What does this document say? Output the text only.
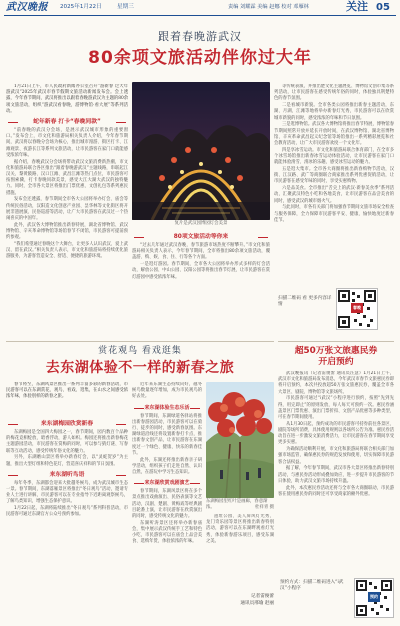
武汉晚报 2025年1月22日	星期三	责编 刘耀霖 美编 赵娜 校对 邓雁林	关注 05
跟着春晚游武汉
80余项文旅活动伴你过大年
1月21日上午，市人民政府新闻办公室召开“游新春 过大年 游武汉”2025年武汉市春节假期文旅活动新闻发布会。会上透露，今年春节期间，武汉将推出以跟着春晚游武汉为主题的80余项文旅活动，组织“游武汉看春晚，游博物馆·看大展”等系列活动。
蛇年新春 打卡“春晚同款”

“前春晚的武汉分会场，是展示武汉城市形象的重要窗口。”发布会上，市文化和旅游局相关负责人介绍，今年春节期间，武汉将以春晚分会场为核心，推出城市漫游、街区打卡、江滩观景、夜游长江等系列文旅活动，让市民游客在家门口就能感受浓浓年味。

据介绍，春晚武汉分会场将带动武汉文旅消费新热潮，市文化和旅游局联合各区推出“跟着春晚游武汉”主题线路，串联起江汉关、黎黄陂路、汉口江滩、武昌江滩等热门点位，市民游客可按图索骥，打卡春晚同款美景，感受大江大湖大武汉的独特魅力。同时，全市各大景区将推出门票优惠、文创礼包等系列惠民措施。

发布会还透露，春节期间全市各大公园将举办灯会、庙会等传统民俗活动，汉阳造文化创意产业园、昙华林等文化街区将开展非遗展演、民俗巡游等活动，让广大市民游客在武汉过一个热闹喜庆的中国年。

此外，武汉各大博物馆推出新春特展，湖北省博物馆、武汉博物馆、辛亥革命博物馆等场馆春节不闭馆，市民游客可提前预约参观。

“我们希望通过春晚这个大舞台，让更多人认识武汉、爱上武汉、留在武汉。”相关负责人表示，市文化和旅游局将持续优化旅游服务，为游客营造安全、舒适、便捷的旅游环境。

复片是武汉园博园灯会美景
80项文旅活动等你来

“过去几年通过武汉春晚，春节旅游市场热度不断攀升。”市文化和旅游局相关负责人表示，今年春节期间，全市将推出80余项文旅活动，覆盖游、购、娱、食、住、行等各个方面。

一是逛灯游园。春节期间，全市各大公园将举办形式多样的灯会活动，解放公园、中山公园、汉阳公园等将推出春节灯展，让市民游客在赏灯游园中感受浓浓年味。

等传统表演，并推出楚文化主题展览、博物馆文创市集等系列活动，让市民游客在感受传统年俗的同时，体验独具荆楚特色的春节氛围。

二是看城市新貌。全市各类公园将推出新春主题活动，东湖、月湖、江滩等地将举办新春灯光秀，市民游客可以在欣赏城市新貌的同时，感受浓浓的年味和节日氛围。

三是逛博物馆。武汉各大博物馆将推出春节特展，博物馆春节期间照常开放并延长开放时间，在武汉博物馆、湖北省博物馆、辛亥革命武昌起义纪念馆等场馆推出一系列精彩展览和社会教育活动，让广大市民游客欢度一个文化年。

四是享冰雪运动。市文化和旅游局联合体育部门，在全市多个冰雪场馆推出新春冰雪运动体验活动，让市民游客在家门口就能体验滑雪、滑冰的乐趣，感受冰雪运动的魅力。

五是逛大集市。全市各大商圈将推出新春购物节活动，汉街、江汉路、武广等商圈联合商家推出系列优惠促销活动，让市民游客在感受年味的同时，享受实惠购物。

六是品美食。全市推出“舌尖上的武汉·新春美食季”系列活动，汇聚武汉特色小吃和各地美食，让市民游客在品尝美食的同时，感受武汉的城市烟火气。

与此同时，市各有关部门将加强春节期间文旅市场安全检查与服务保障，全力保障市民游客平安、健康、愉快地度过新春佳节。

春晚
扫描二维码 看 更多内容详情
赏花观鸟 看戏逛集
去东湖体验不一样的新春之旅
春节将至，东湖风景区推出一系列丰富多彩的新春活动，市民游客可以在东湖赏花、观鸟、看戏、逛集，在山水之间感受浓浓年味，体验别样的新春之旅。
来东湖梅园欣赏新春

东湖梅园是全国四大梅园之一，春节期间，园内数百个品种的梅花竞相绽放，暗香浮动，游人如织。梅园还将推出新春梅花主题游园活动，市民游客在赏梅的同时，可以参与猜灯谜、写春联等互动活动，感受传统年俗文化的魅力。

另外，东湖磨山景区将举办新春灯会，以“灵蛇贺岁”为主题，推出大型灯组和特色花灯，营造喜庆祥和的节日氛围。

来东湖听鸟语

每年冬季，东湖都会迎来大批越冬候鸟，成为武汉城市生态一景。春节期间，东湖落雁景区将推出“冬日观鸟”活动，邀请专业人士进行讲解，市民游客可以在专业指导下近距离观察候鸟，了解鸟类知识，增强生态保护意识。

1月22日起，东湖将陆续推出“冬日观鸟”系列科普活动，市民游客可通过东湖官方公众号预约参加。

近年来东湖生态持续向好，越冬候鸟数量逐年增加，成为市民观鸟的好去处。

来东湖体验生态乐活

春节期间，东湖绿道各驿站将推出新春游园活动，市民游客可以在骑行、徒步的同时，感受新春氛围。东湖绿道沿线还将设置新春打卡点，推出新春文创产品，让市民游客在东湖度过一个绿色、健康、快乐的新春佳节。

此外，东湖还将推出新春亲子研学活动，组织孩子们走进自然、认识自然，在游玩中学习生态知识。

来东湖欣赏戏剧演艺

春节期间，东湖风景区将在多个景点推出戏曲演出、民俗表演等文艺活动，汉剧、楚剧、黄梅戏等经典剧目轮番上演，让市民游客在欣赏演出的同时，感受传统文化的魅力。

东湖听涛景区还将举办新春庙会，集中展示武汉传统手工艺和特色小吃，市民游客可以在庙会上品尝美食、选购年货，体验浓浓的年味。

东湖梅园里红叶是画廊，春意渐浓。	杜祥青 摄

遗址公园、美人屏风灯光秀、龙门奇乐园等景区将推出新春特别活动，游客可以在东湖畔观看灯光秀，体验新春游乐项目，感受东湖之美。

记者雷俊蕾
通讯员邢瑜 赵丽
超50万张文旅惠民券
开启预约

武汉晚报讯（记者雷俊蕾 通讯员汪慧）1月21日上午，武汉市文化和旅游局发布消息，今年武汉市春节文旅惠民券即将开启预约，本次共投放超50万张文旅惠民券，覆盖全市各大景区、剧院、博物馆等文旅场所。

市民游客可通过“i武汉”小程序进行预约，按照“先到先得，用完即止”的原则发放，每人每天可预约一次。惠民券涵盖景区门票优惠、演出门票折扣、文创产品优惠等多种类型，可在春节期间使用。

从1月30日起，预约成功的市民游客可持券前往各景区、剧院等场所消费，具体使用规则以各场所公告为准。惠民券活动旨在进一步激发文旅消费活力，让市民游客在春节期间享受更多实惠。

为确保活动顺利开展，市文化和旅游局将联合相关部门加强市场监管，确保惠民券的规范发放和使用，切实保障市民游客合法权益。

据了解，今年春节期间，武汉市各大景区将推出新春特别活动，与惠民券活动形成叠加效应，进一步提升市民游客的节日体验，助力武汉文旅市场持续升温。

此外，本次惠民券活动还将与全市各大商圈联动，市民游客在使用惠民券的同时还可享受商家的额外优惠。

预约方式：扫描二维码进入“i武汉”小程序
预约
